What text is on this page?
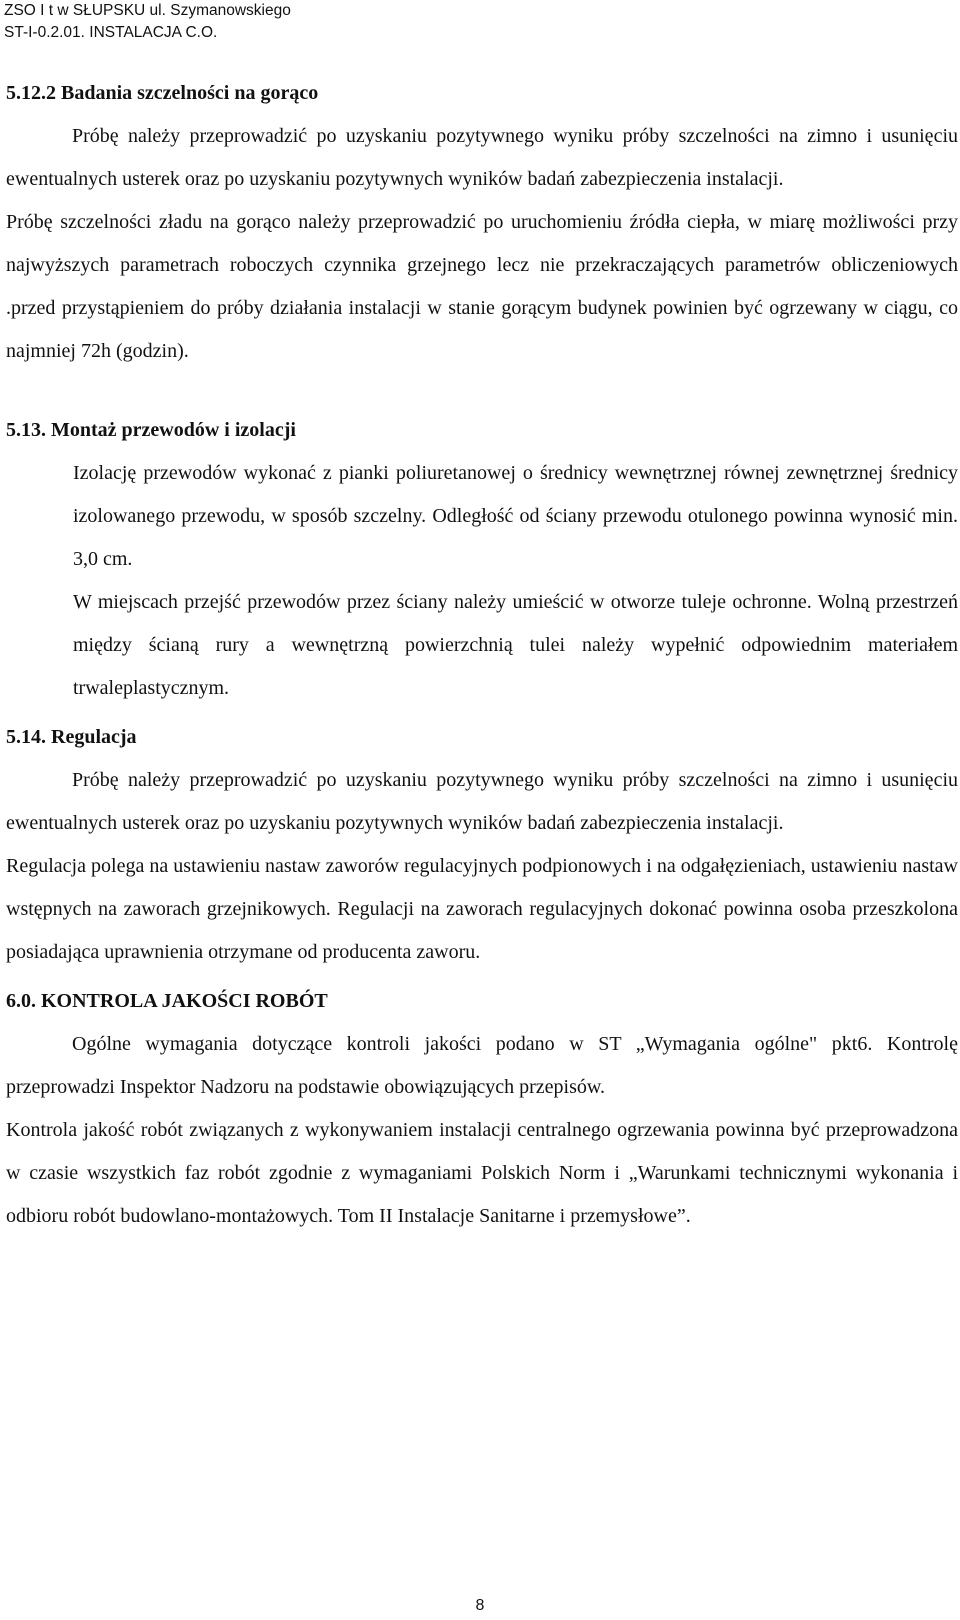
ZSO I t w SŁUPSKU ul. Szymanowskiego
ST-I-0.2.01. INSTALACJA C.O.
5.12.2 Badania szczelności na gorąco

Próbę należy przeprowadzić po uzyskaniu pozytywnego wyniku próby szczelności na zimno i usunięciu ewentualnych usterek oraz po uzyskaniu pozytywnych wyników badań zabezpieczenia instalacji.

Próbę szczelności zładu na gorąco należy przeprowadzić po uruchomieniu źródła ciepła, w miarę możliwości przy najwyższych parametrach roboczych czynnika grzejnego lecz nie przekraczających parametrów obliczeniowych .przed przystąpieniem do próby działania instalacji w stanie gorącym budynek powinien być ogrzewany w ciągu, co najmniej 72h (godzin).

5.13. Montaż przewodów i izolacji

Izolację przewodów wykonać z pianki poliuretanowej o średnicy wewnętrznej równej zewnętrznej średnicy izolowanego przewodu, w sposób szczelny. Odległość od ściany przewodu otulonego powinna wynosić min. 3,0 cm.

W miejscach przejść przewodów przez ściany należy umieścić w otworze tuleje ochronne. Wolną przestrzeń między ścianą rury a wewnętrzną powierzchnią tulei należy wypełnić odpowiednim materiałem trwaleplastycznym.

5.14. Regulacja

Próbę należy przeprowadzić po uzyskaniu pozytywnego wyniku próby szczelności na zimno i usunięciu ewentualnych usterek oraz po uzyskaniu pozytywnych wyników badań zabezpieczenia instalacji.

Regulacja polega na ustawieniu nastaw zaworów regulacyjnych podpionowych i na odgałęzieniach, ustawieniu nastaw wstępnych na zaworach grzejnikowych. Regulacji na zaworach regulacyjnych dokonać powinna osoba przeszkolona posiadająca uprawnienia otrzymane od producenta zaworu.

6.0. KONTROLA JAKOŚCI ROBÓT

Ogólne wymagania dotyczące kontroli jakości podano w ST „Wymagania ogólne" pkt6. Kontrolę przeprowadzi Inspektor Nadzoru na podstawie obowiązujących przepisów.

Kontrola jakość robót związanych z wykonywaniem instalacji centralnego ogrzewania powinna być przeprowadzona w czasie wszystkich faz robót zgodnie z wymaganiami Polskich Norm i „Warunkami technicznymi wykonania i odbioru robót budowlano-montażowych. Tom II Instalacje Sanitarne i przemysłowe”.

8
